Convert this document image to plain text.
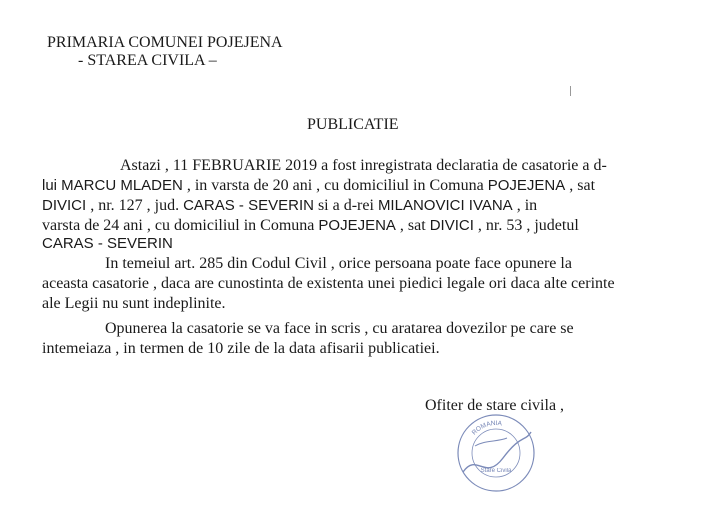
PRIMARIA COMUNEI POJEJENA
- STAREA CIVILA –
PUBLICATIE
Astazi , 11 FEBRUARIE 2019 a fost inregistrata declaratia de casatorie a d-
lui MARCU MLADEN , in varsta de 20 ani , cu domiciliul in Comuna POJEJENA , sat
DIVICI , nr. 127 , jud. CARAS - SEVERIN si a d-rei MILANOVICI IVANA , in
varsta de 24 ani , cu domiciliul in Comuna POJEJENA , sat DIVICI , nr. 53 , judetul
CARAS - SEVERIN
In temeiul art. 285 din Codul Civil , orice persoana poate face opunere la
aceasta casatorie , daca are cunostinta de existenta unei piedici legale ori daca alte cerinte
ale Legii nu sunt indeplinite.
Opunerea la casatorie se va face in scris , cu aratarea dovezilor pe care se
intemeiaza , in termen de 10 zile de la data afisarii publicatiei.
Ofiter de stare civila ,
ROMANIA
Stare Civila
